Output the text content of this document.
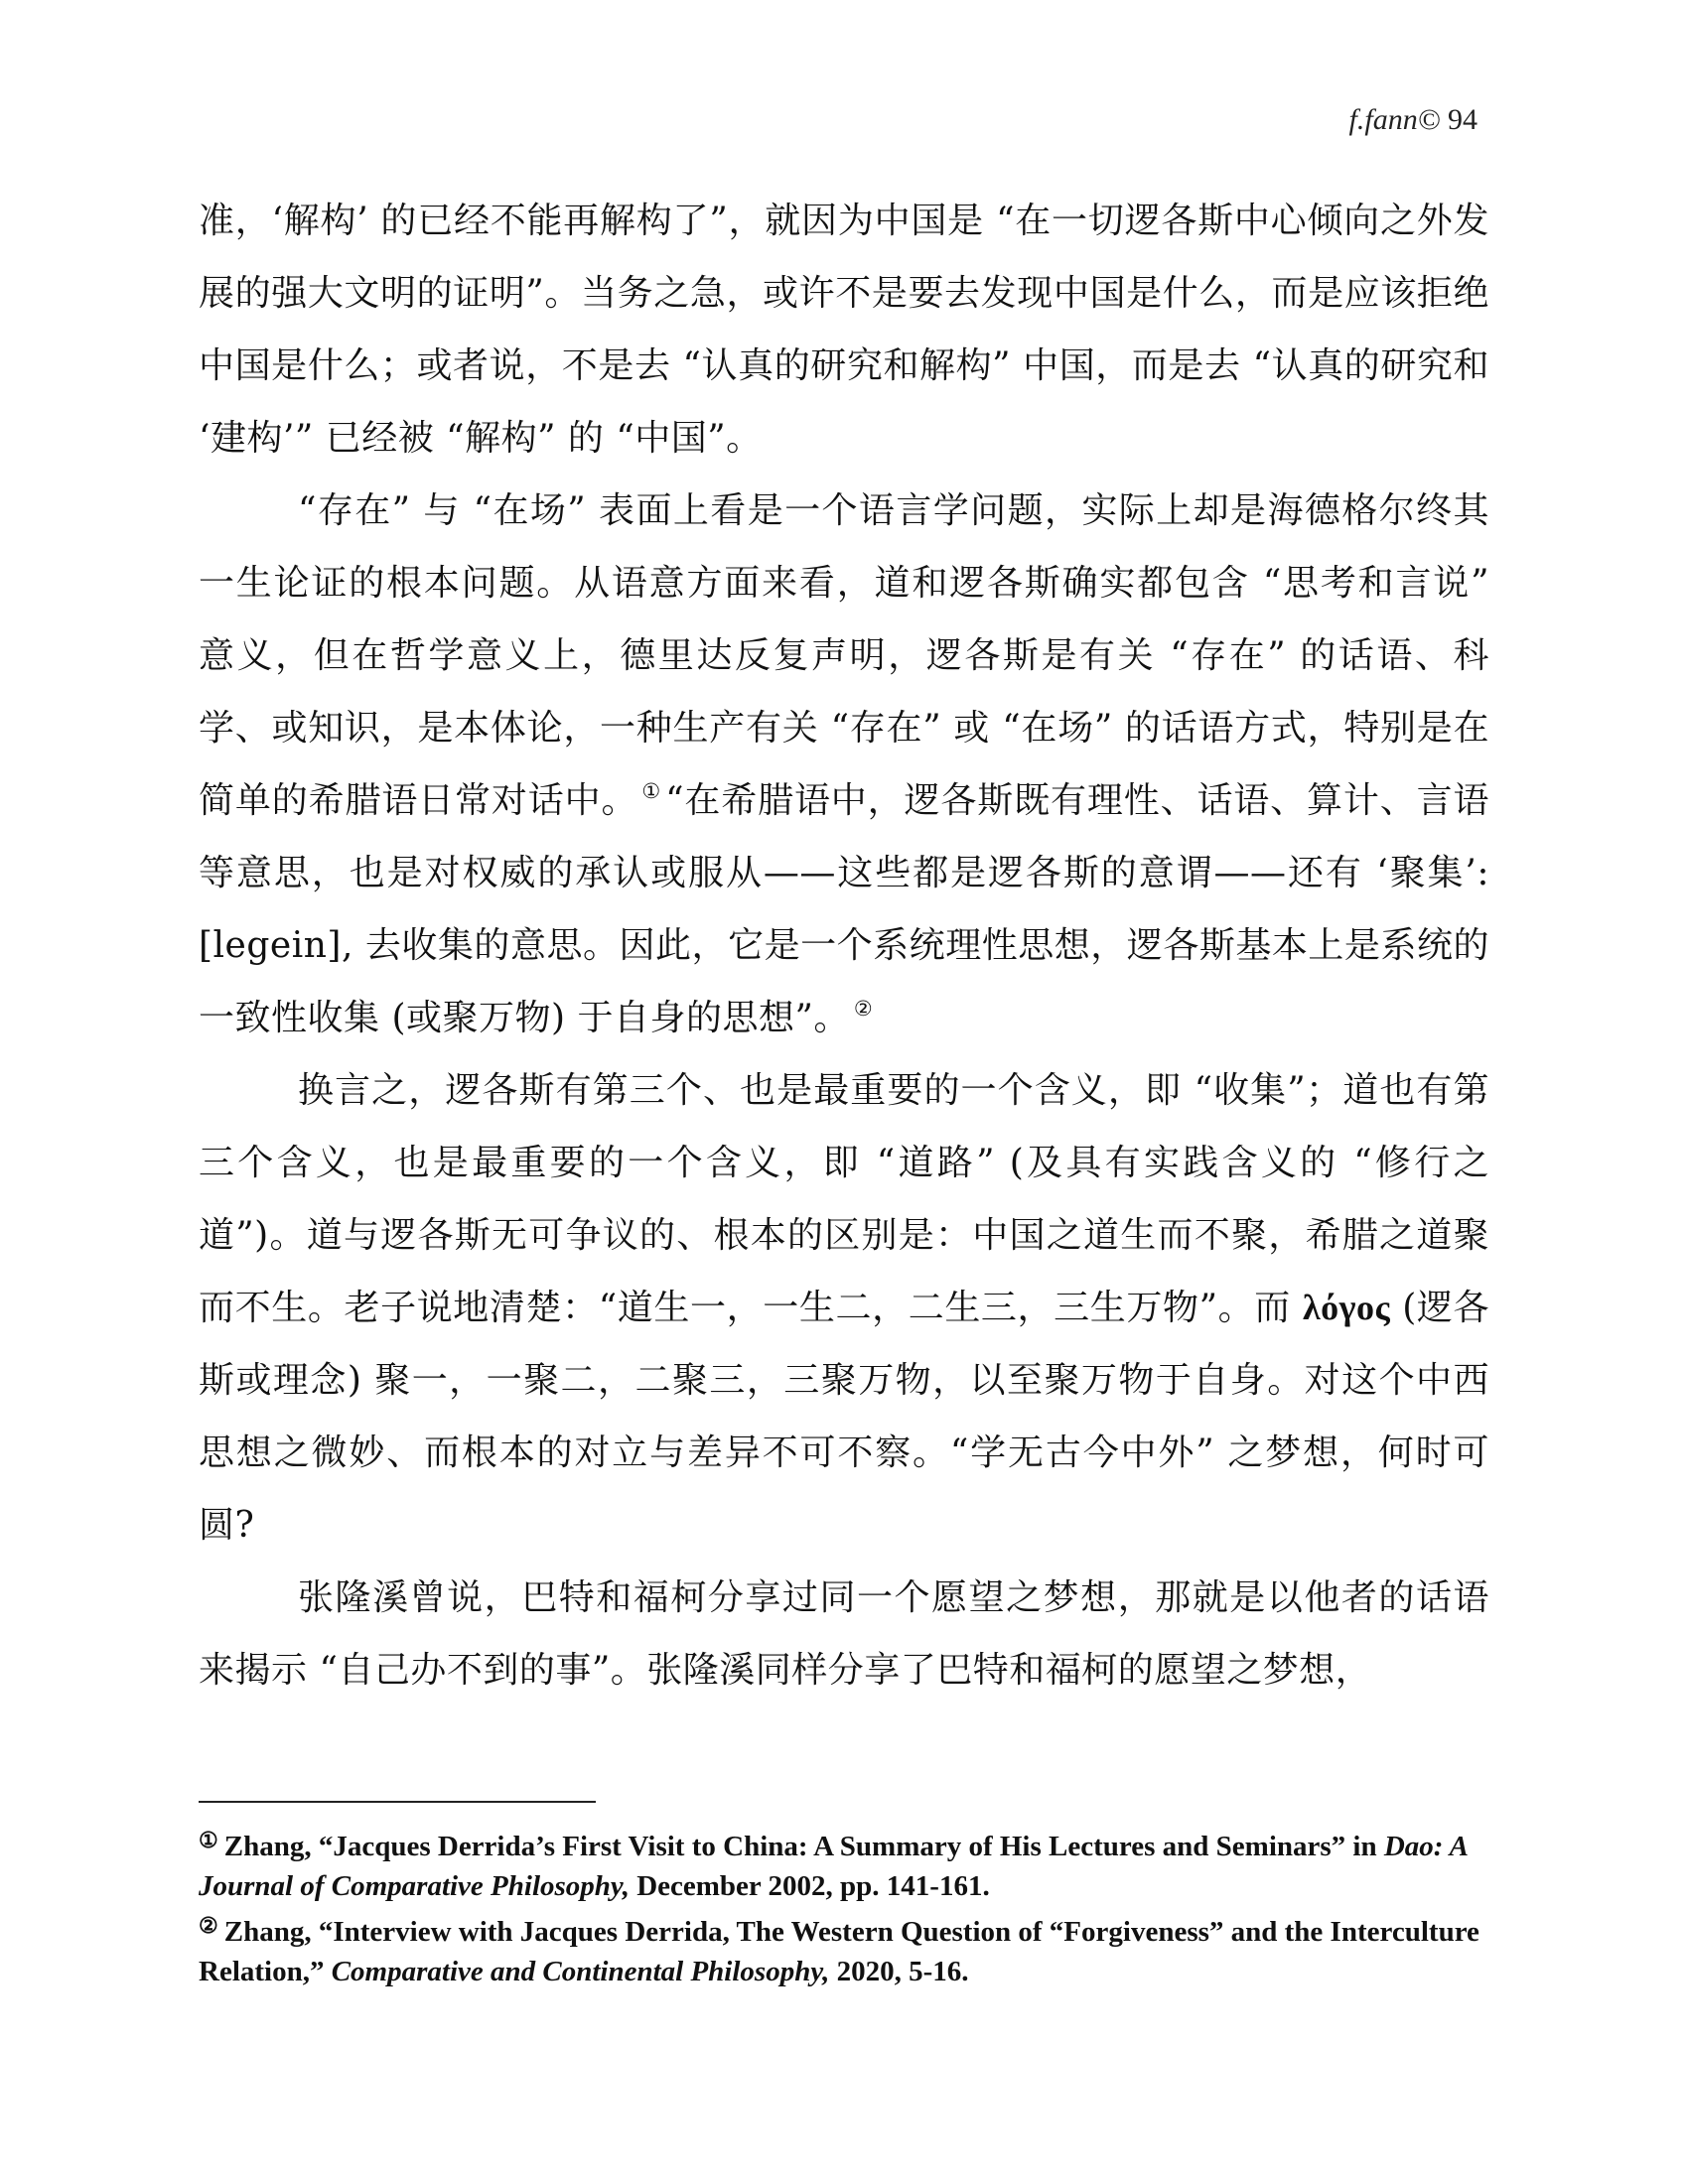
f.fann© 94

准，‘解构’ 的已经不能再解构了”，就因为中国是 “在一切逻各斯中心倾向之外发展的强大文明的证明”。当务之急，或许不是要去发现中国是什么，而是应该拒绝中国是什么；或者说，不是去 “认真的研究和解构” 中国，而是去 “认真的研究和 ‘建构’” 已经被 “解构” 的 “中国”。

“存在” 与 “在场” 表面上看是一个语言学问题，实际上却是海德格尔终其一生论证的根本问题。从语意方面来看，道和逻各斯确实都包含 “思考和言说” 意义，但在哲学意义上，德里达反复声明，逻各斯是有关 “存在” 的话语、科学、或知识，是本体论，一种生产有关 “存在” 或 “在场” 的话语方式，特别是在简单的希腊语日常对话中。 ① “在希腊语中，逻各斯既有理性、话语、算计、言语等意思，也是对权威的承认或服从——这些都是逻各斯的意谓——还有 ‘聚集’: [legein], 去收集的意思。因此，它是一个系统理性思想，逻各斯基本上是系统的一致性收集 (或聚万物) 于自身的思想”。 ②

换言之，逻各斯有第三个、也是最重要的一个含义，即 “收集”；道也有第三个含义，也是最重要的一个含义，即 “道路” (及具有实践含义的 “修行之道”)。道与逻各斯无可争议的、根本的区别是：中国之道生而不聚，希腊之道聚而不生。老子说地清楚：“道生一，一生二，二生三，三生万物”。而 λόγος (逻各斯或理念) 聚一，一聚二，二聚三，三聚万物，以至聚万物于自身。对这个中西思想之微妙、而根本的对立与差异不可不察。“学无古今中外” 之梦想，何时可圆?

张隆溪曾说，巴特和福柯分享过同一个愿望之梦想，那就是以他者的话语来揭示 “自己办不到的事”。张隆溪同样分享了巴特和福柯的愿望之梦想，

① Zhang, “Jacques Derrida’s First Visit to China: A Summary of His Lectures and Seminars” in Dao: A Journal of Comparative Philosophy, December 2002, pp. 141-161.

② Zhang, “Interview with Jacques Derrida, The Western Question of “Forgiveness” and the Interculture Relation,” Comparative and Continental Philosophy, 2020, 5-16.
